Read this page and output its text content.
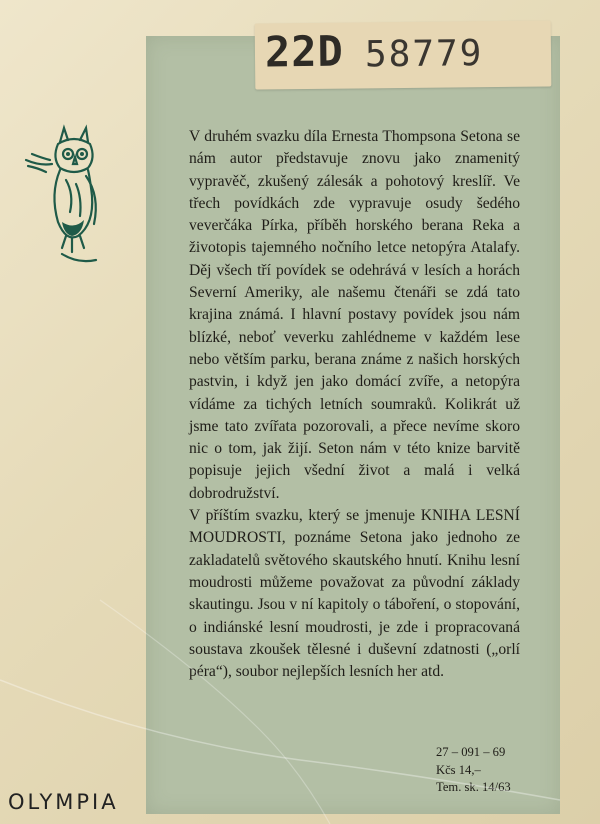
22D 58779

V druhém svazku díla Ernesta Thompsona Setona se nám autor představuje znovu jako znamenitý vypravěč, zkušený zálesák a pohotový kreslíř. Ve třech povídkách zde vypravuje osudy šedého veverčáka Pírka, příběh horského berana Reka a životopis tajemného nočního letce netopýra Atalafy. Děj všech tří povídek se odehrává v lesích a horách Severní Ameriky, ale našemu čtenáři se zdá tato krajina známá. I hlavní postavy povídek jsou nám blízké, neboť veverku zahlédneme v každém lese nebo větším parku, berana známe z našich horských pastvin, i když jen jako domácí zvíře, a netopýra vídáme za tichých letních soumraků. Kolikrát už jsme tato zvířata pozorovali, a přece nevíme skoro nic o tom, jak žijí. Seton nám v této knize barvitě popisuje jejich všední život a malá i velká dobrodružství.

V příštím svazku, který se jmenuje KNIHA LESNÍ MOUDROSTI, poznáme Setona jako jednoho ze zakladatelů světového skautského hnutí. Knihu lesní moudrosti můžeme považovat za původní základy skautingu. Jsou v ní kapitoly o táboření, o stopování, o indiánské lesní moudrosti, je zde i propracovaná soustava zkoušek tělesné i duševní zdatnosti („orlí péra“), soubor nejlepších lesních her atd.

27 – 091 – 69
Kčs 14,–
Tem. sk. 14/63
OLYMPIA
